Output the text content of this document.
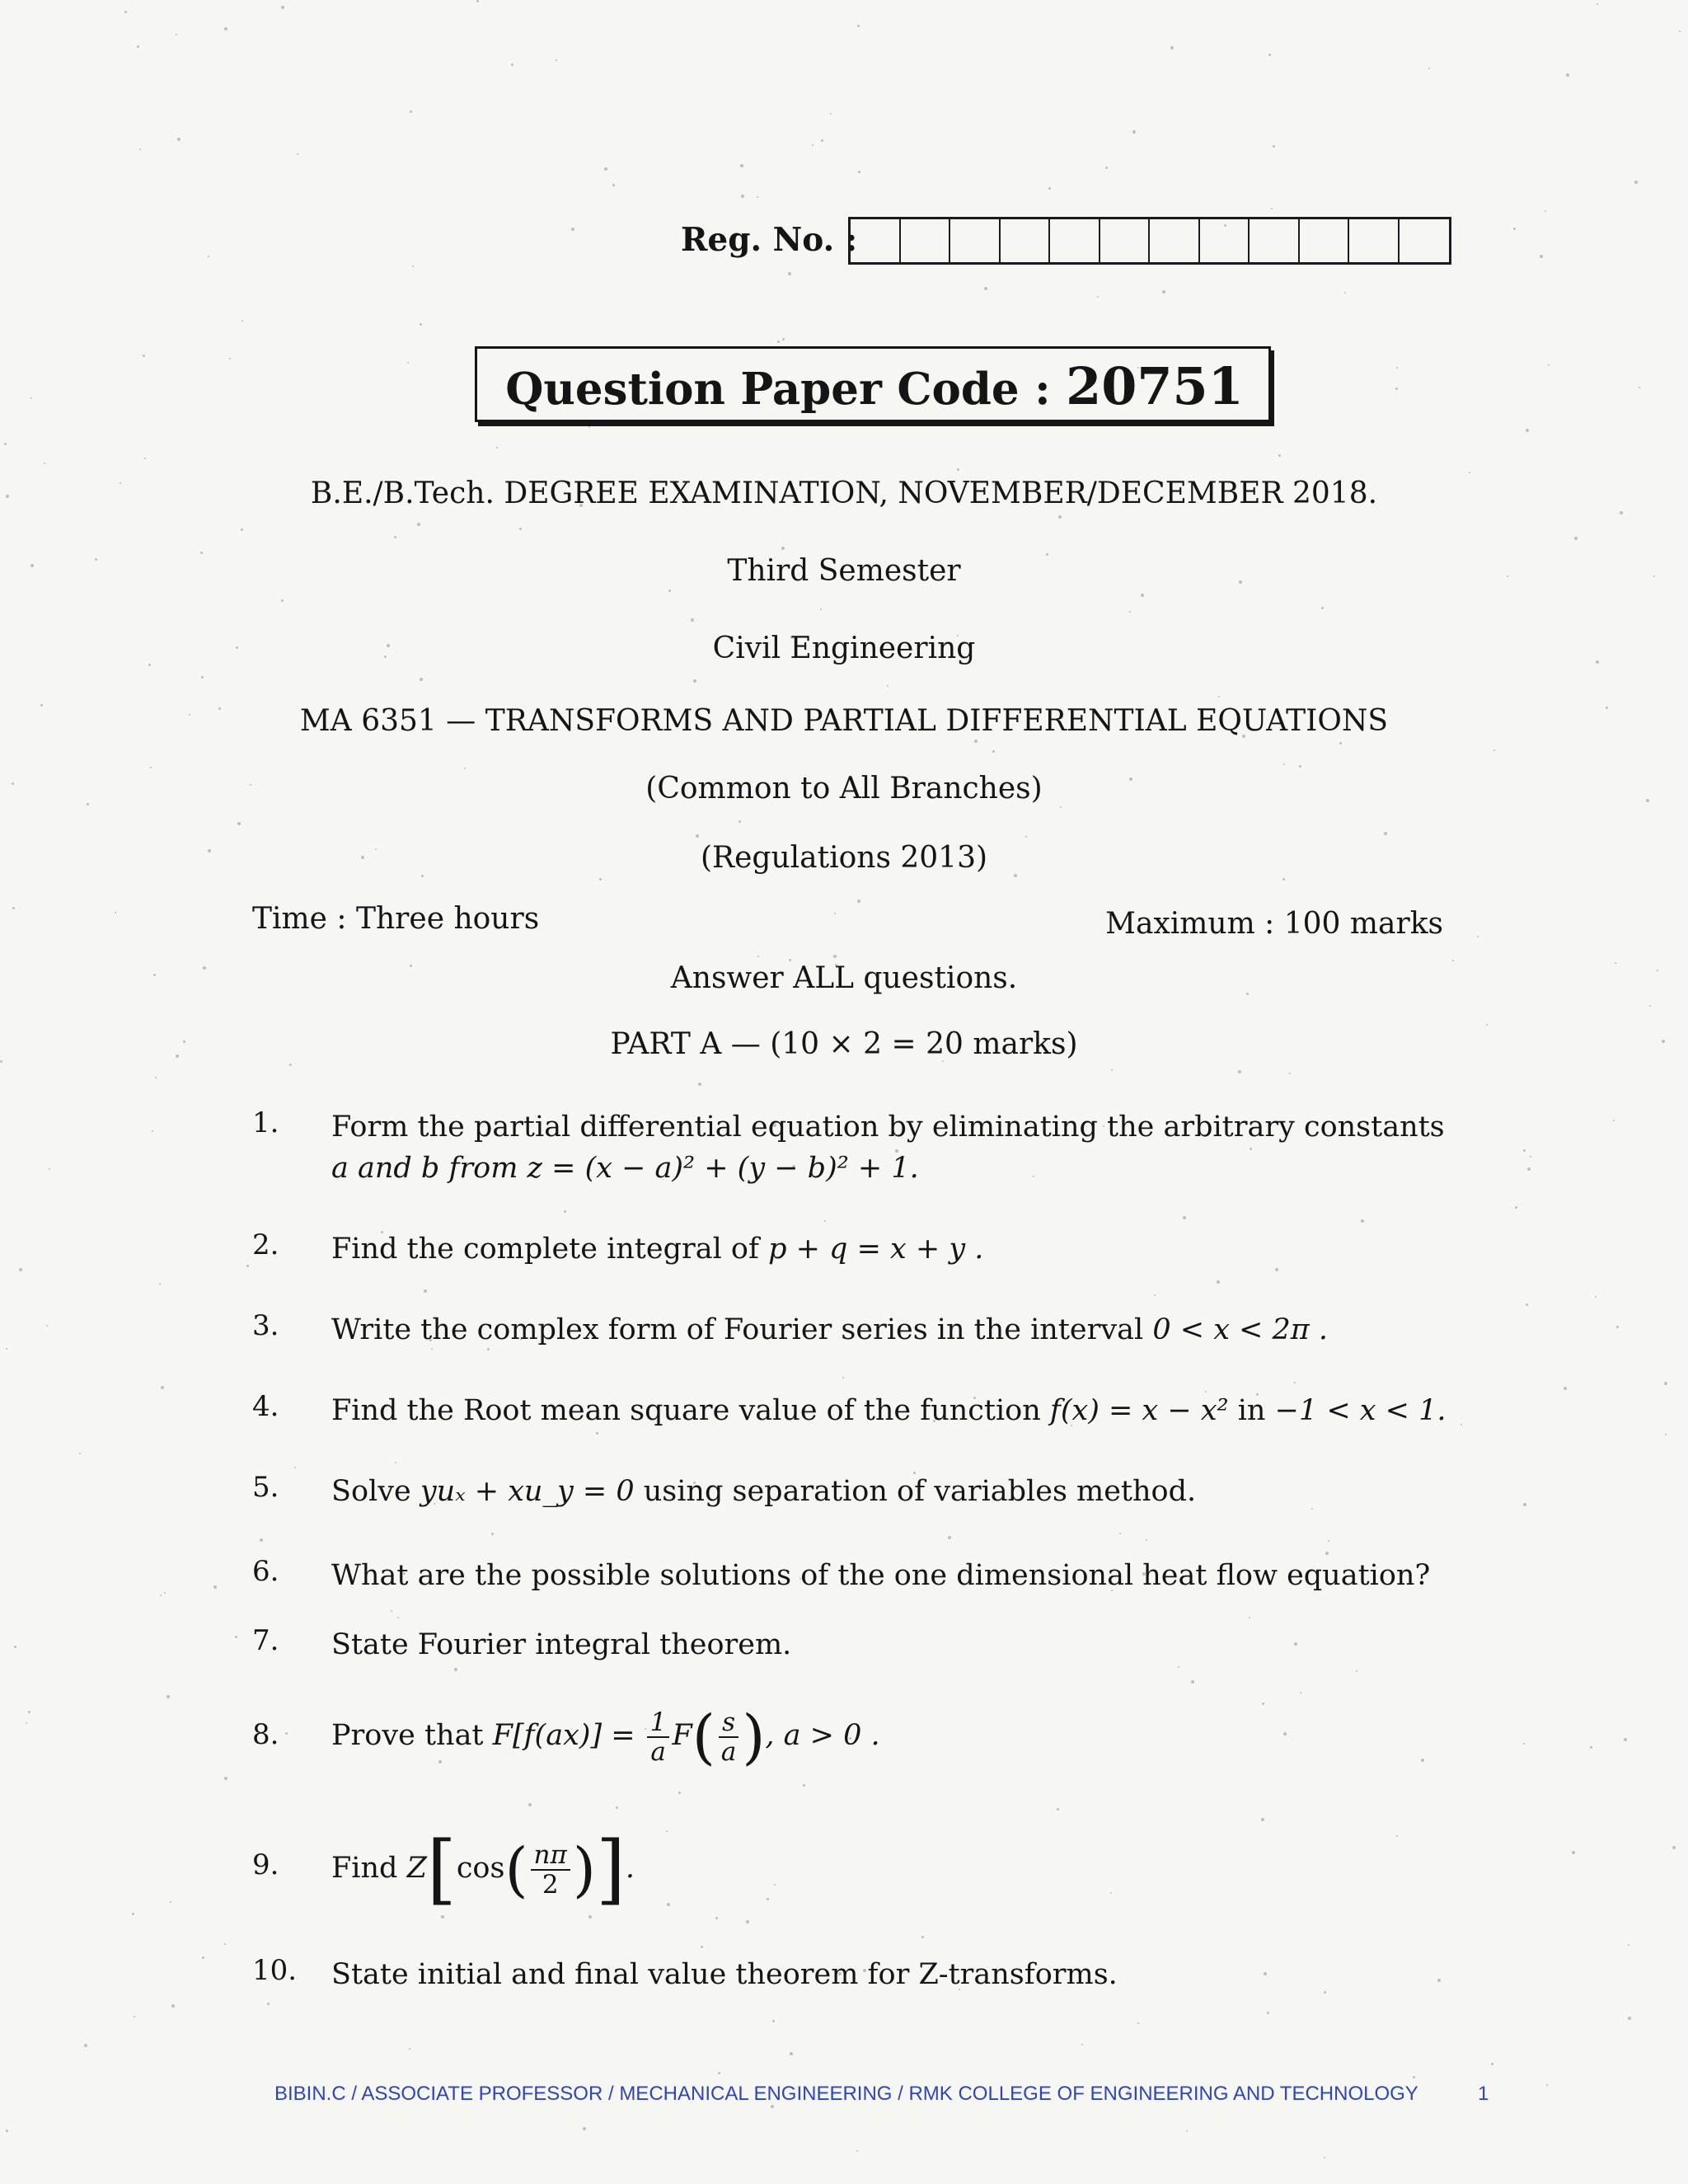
Reg. No. :
Question Paper Code : 20751
B.E./B.Tech. DEGREE EXAMINATION, NOVEMBER/DECEMBER 2018.
Third Semester
Civil Engineering
MA 6351 — TRANSFORMS AND PARTIAL DIFFERENTIAL EQUATIONS
(Common to All Branches)
(Regulations 2013)
Time : Three hours	Maximum : 100 marks
Answer ALL questions.
PART A — (10 × 2 = 20 marks)
1.	Form the partial differential equation by eliminating the arbitrary constants
a and b from z = (x − a)² + (y − b)² + 1.
2.	Find the complete integral of p + q = x + y .
3.	Write the complex form of Fourier series in the interval 0 < x < 2π .
4.	Find the Root mean square value of the function f(x) = x − x² in −1 < x < 1.
5.	Solve yuₓ + xu_y = 0 using separation of variables method.
6.	What are the possible solutions of the one dimensional heat flow equation?
7.	State Fourier integral theorem.
8.	Prove that $F[f(ax)] = \frac{1}{a} F( \frac{s}{a}$ ), a > 0 .
9.	Find $Z[\cos( \frac{n\pi}{2}$ )].
10. State initial and final value theorem for Z-transforms.
BIBIN.C / ASSOCIATE PROFESSOR / MECHANICAL ENGINEERING / RMK COLLEGE OF ENGINEERING AND TECHNOLOGY	1
